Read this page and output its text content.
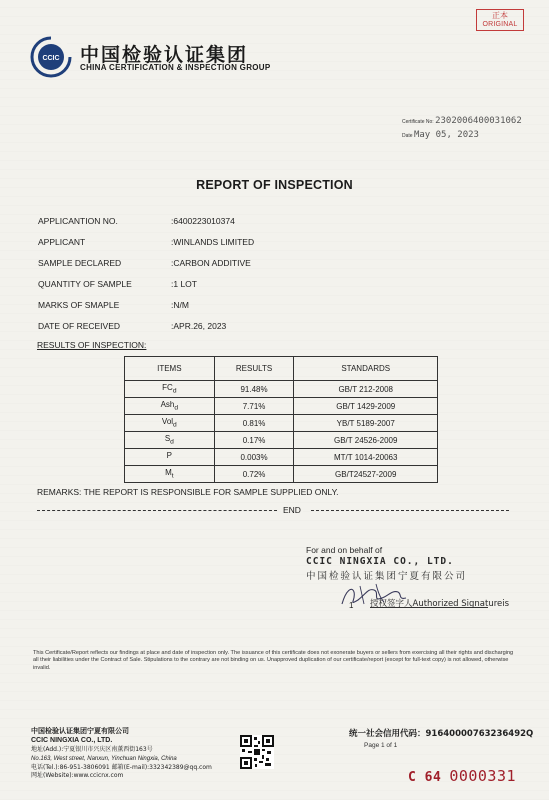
正本
ORIGINAL
CCIC 中国检验认证集团
CHINA CERTIFICATION & INSPECTION GROUP
Certificate No: 2302006400031062
Date May 05, 2023
REPORT OF INSPECTION
APPLICANTION NO.	:6400223010374
APPLICANT	:WINLANDS LIMITED
SAMPLE DECLARED	:CARBON ADDITIVE
QUANTITY OF SAMPLE	:1 LOT
MARKS OF SMAPLE	:N/M
DATE OF RECEIVED	:APR.26, 2023
RESULTS OF INSPECTION:
ITEMS	RESULTS	STANDARDS
$FC_d$	91.48%	GB/T 212-2008
Ash$_d$	7.71%	GB/T 1429-2009
Vol$_d$	0.81%	YB/T 5189-2007
$S_d$	0.17%	GB/T 24526-2009
P	0.003%	MT/T 1014-20063
$M_t$	0.72%	GB/T24527-2009
REMARKS: THE REPORT IS RESPONSIBLE FOR SAMPLE SUPPLIED ONLY.
END
For and on behalf of
CCIC NINGXIA CO., LTD.
中国检验认证集团宁夏有限公司
1 授权签字人Authorized Signatureis
This Certificate/Report reflects our findings at place and date of inspection only. The issuance of this certificate does not exonerate buyers or sellers from exercising all their rights and discharging all their liabilities under the Contract of Sale. Stipulations to the contrary are not binding on us. Unapproved duplication of our certificate/report (except for full-text copy) is not allowed, otherwise invalid.
中国检验认证集团宁夏有限公司
CCIC NINGXIA CO., LTD.
地址(Add.):宁夏银川市兴庆区南薰西街163号
No.163, West street, Nanxun, Yinchuan Ningxia, China
电话(Tel.):86-951-3806091 邮箱(E-mail):332342389@qq.com
网址(Website):www.ccicnx.com
统一社会信用代码：91640000763236492Q
Page 1 of 1
C 64 0000331
